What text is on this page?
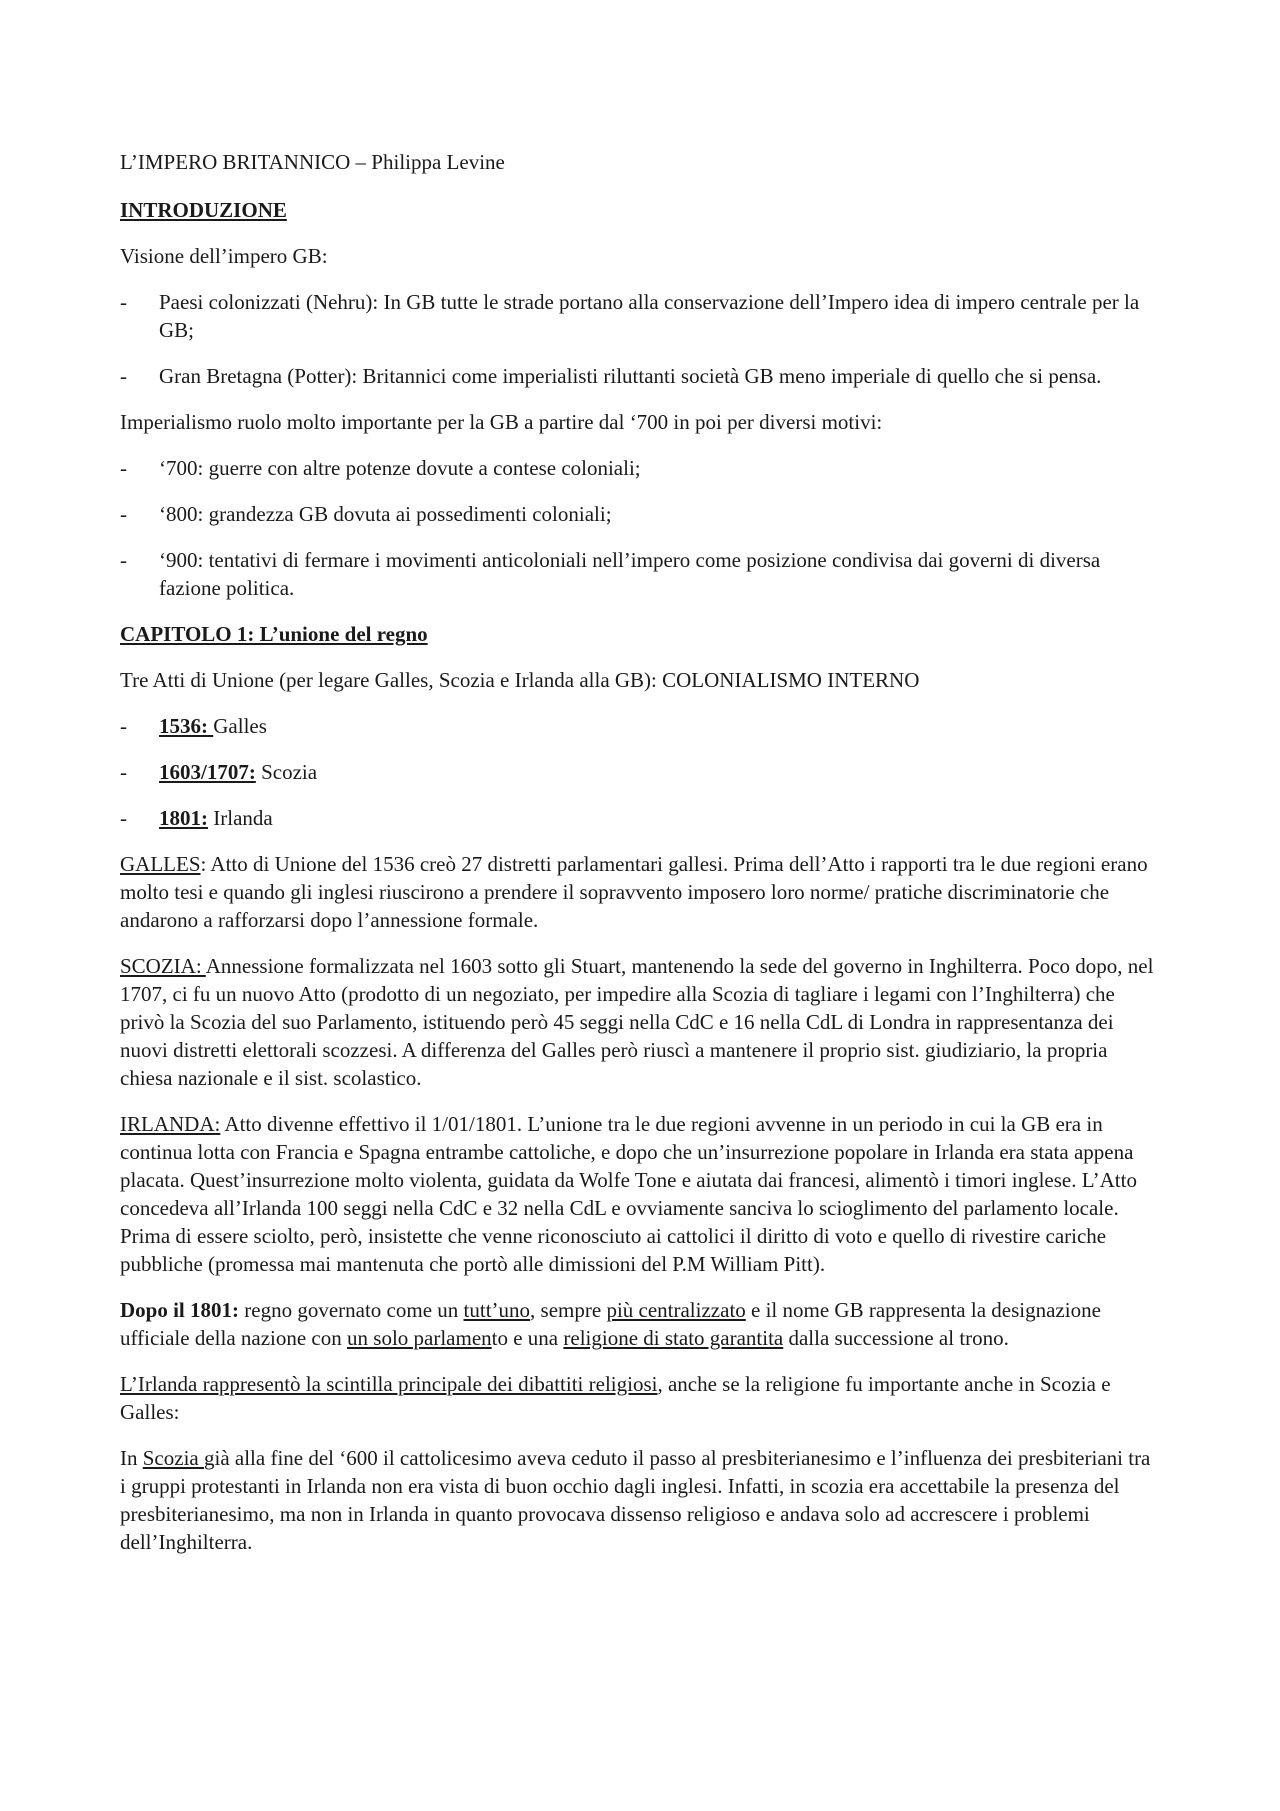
L’IMPERO BRITANNICO – Philippa Levine

INTRODUZIONE

Visione dell’impero GB:

- Paesi colonizzati (Nehru): In GB tutte le strade portano alla conservazione dell’Impero idea di impero centrale per la GB;
- Gran Bretagna (Potter): Britannici come imperialisti riluttanti società GB meno imperiale di quello che si pensa.

Imperialismo ruolo molto importante per la GB a partire dal ‘700 in poi per diversi motivi:

- ‘700: guerre con altre potenze dovute a contese coloniali;
- ‘800: grandezza GB dovuta ai possedimenti coloniali;
- ‘900: tentativi di fermare i movimenti anticoloniali nell’impero come posizione condivisa dai governi di diversa fazione politica.

CAPITOLO 1: L’unione del regno

Tre Atti di Unione (per legare Galles, Scozia e Irlanda alla GB): COLONIALISMO INTERNO

- 1536: Galles
- 1603/1707: Scozia
- 1801: Irlanda

GALLES: Atto di Unione del 1536 creò 27 distretti parlamentari gallesi. Prima dell’Atto i rapporti tra le due regioni erano molto tesi e quando gli inglesi riuscirono a prendere il sopravvento imposero loro norme/ pratiche discriminatorie che andarono a rafforzarsi dopo l’annessione formale.

SCOZIA: Annessione formalizzata nel 1603 sotto gli Stuart, mantenendo la sede del governo in Inghilterra. Poco dopo, nel 1707, ci fu un nuovo Atto (prodotto di un negoziato, per impedire alla Scozia di tagliare i legami con l’Inghilterra) che privò la Scozia del suo Parlamento, istituendo però 45 seggi nella CdC e 16 nella CdL di Londra in rappresentanza dei nuovi distretti elettorali scozzesi. A differenza del Galles però riuscì a mantenere il proprio sist. giudiziario, la propria chiesa nazionale e il sist. scolastico.

IRLANDA: Atto divenne effettivo il 1/01/1801. L’unione tra le due regioni avvenne in un periodo in cui la GB era in continua lotta con Francia e Spagna entrambe cattoliche, e dopo che un’insurrezione popolare in Irlanda era stata appena placata. Quest’insurrezione molto violenta, guidata da Wolfe Tone e aiutata dai francesi, alimentò i timori inglese. L’Atto concedeva all’Irlanda 100 seggi nella CdC e 32 nella CdL e ovviamente sanciva lo scioglimento del parlamento locale. Prima di essere sciolto, però, insistette che venne riconosciuto ai cattolici il diritto di voto e quello di rivestire cariche pubbliche (promessa mai mantenuta che portò alle dimissioni del P.M William Pitt).

Dopo il 1801: regno governato come un tutt’uno, sempre più centralizzato e il nome GB rappresenta la designazione ufficiale della nazione con un solo parlamento e una religione di stato garantita dalla successione al trono.

L’Irlanda rappresentò la scintilla principale dei dibattiti religiosi, anche se la religione fu importante anche in Scozia e Galles:

In Scozia già alla fine del ‘600 il cattolicesimo aveva ceduto il passo al presbiterianesimo e l’influenza dei presbiteriani tra i gruppi protestanti in Irlanda non era vista di buon occhio dagli inglesi. Infatti, in scozia era accettabile la presenza del presbiterianesimo, ma non in Irlanda in quanto provocava dissenso religioso e andava solo ad accrescere i problemi dell’Inghilterra.
